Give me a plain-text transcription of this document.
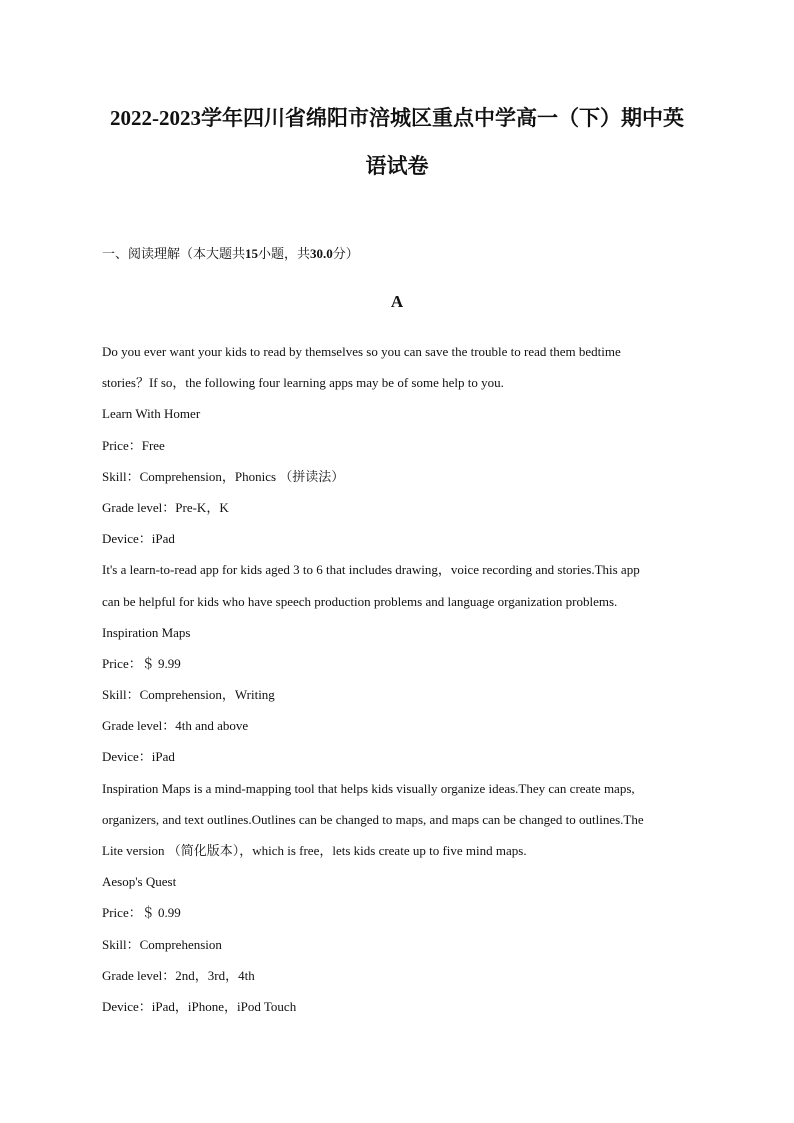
2022-2023学年四川省绵阳市涪城区重点中学高一（下）期中英
语试卷
一、阅读理解（本大题共15小题，共30.0分）
A
Do you ever want your kids to read by themselves so you can save the trouble to read them bedtime
stories？If so，the following four learning apps may be of some help to you.
Learn With Homer
Price：Free
Skill：Comprehension，Phonics （拼读法）
Grade level：Pre-K，K
Device：iPad
It's a learn-to-read app for kids aged 3 to 6 that includes drawing，voice recording and stories.This app
can be helpful for kids who have speech production problems and language organization problems.
Inspiration Maps
Price：＄ 9.99
Skill：Comprehension，Writing
Grade level：4th and above
Device：iPad
Inspiration Maps is a mind-mapping tool that helps kids visually organize ideas.They can create maps,
organizers, and text outlines.Outlines can be changed to maps, and maps can be changed to outlines.The
Lite version （简化版本），which is free，lets kids create up to five mind maps.
Aesop's Quest
Price：＄ 0.99
Skill：Comprehension
Grade level：2nd，3rd，4th
Device：iPad，iPhone，iPod Touch
